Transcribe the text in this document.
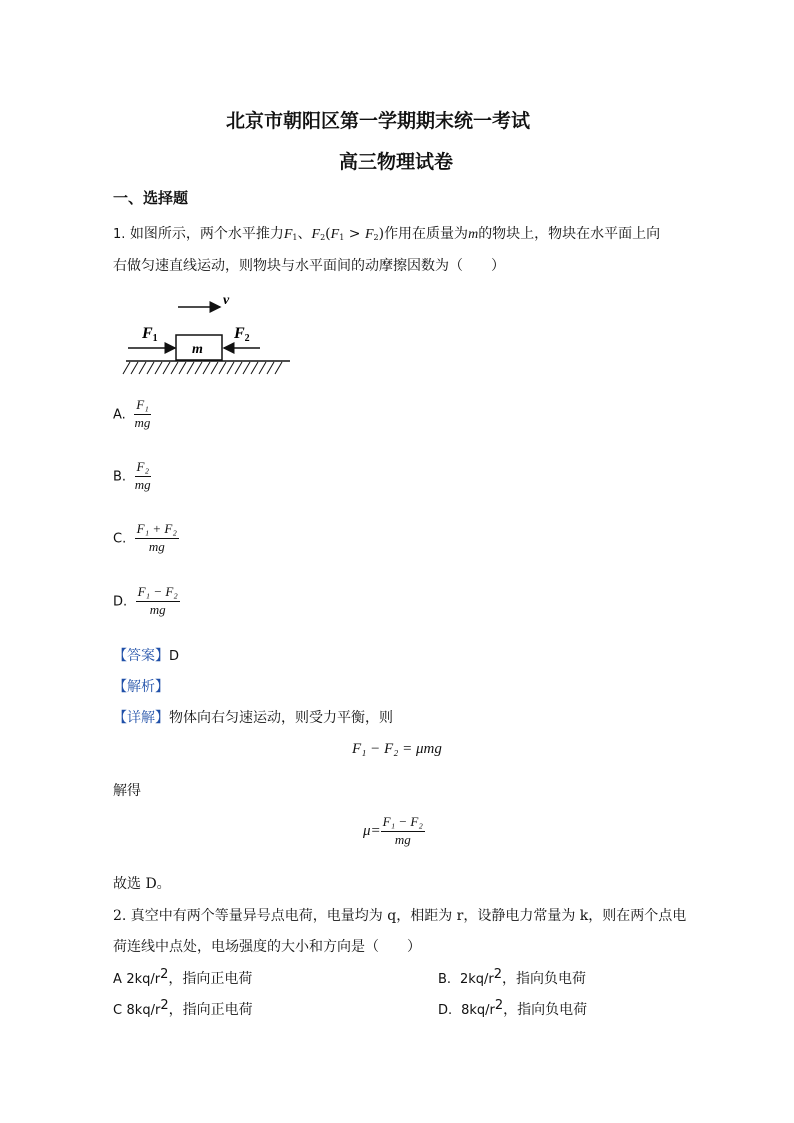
北京市朝阳区第一学期期末统一考试
高三物理试卷
一、选择题
1. 如图所示，两个水平推力$F_1$、$F_2(F_1 > F_2)$作用在质量为m的物块上，物块在水平面上向
右做匀速直线运动，则物块与水平面间的动摩擦因数为（　　）
v
F1	F2
m
A. $\frac{\text{F₁}}{mg}$
B. $\frac{\text{F₂}}{mg}$
C. $\frac{\text{F₁ + F₂}}{mg}$
D. $\frac{\text{F₁ − F₂}}{mg}$
【答案】D
【解析】
【详解】物体向右匀速运动，则受力平衡，则
F₁ − F₂ = μmg
解得
$\mu= \frac{\text{F₁ − F₂}}{mg}$
故选 D。
2. 真空中有两个等量异号点电荷，电量均为 q，相距为 r，设静电力常量为 k，则在两个点电
荷连线中点处，电场强度的大小和方向是（　　）
A 2kq/r2，指向正电荷	B. 2kq/r2，指向负电荷
C 8kq/r2，指向正电荷	D. 8kq/r2，指向负电荷
